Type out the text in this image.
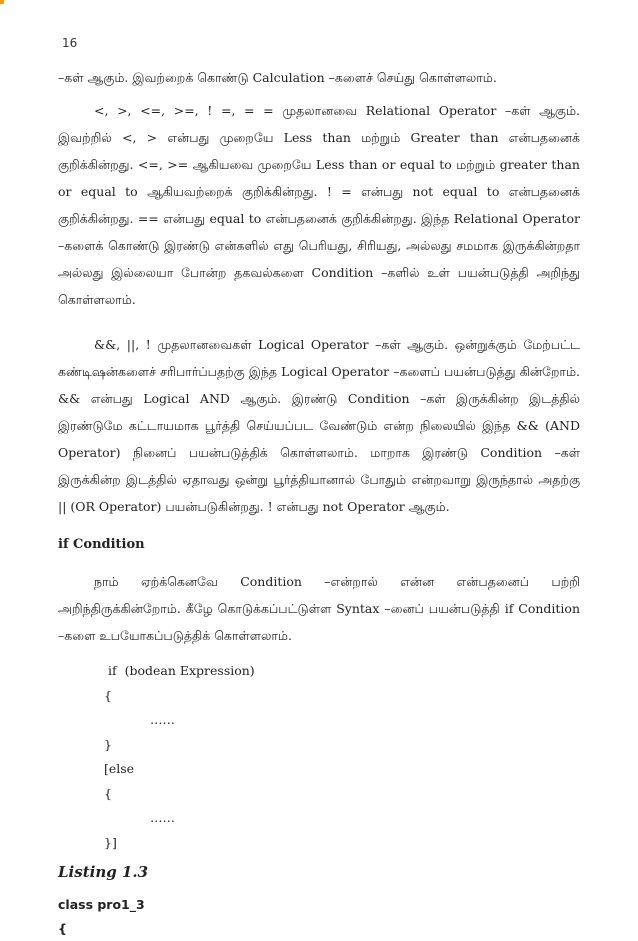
16

–கள் ஆகும். இவற்றைக் கொண்டு Calculation –களைச் செய்து கொள்ளலாம்.

<, >, <=, >=, ! =, = = முதலானவை Relational Operator –கள் ஆகும். இவற்றில் <, > என்பது முறையே Less than மற்றும் Greater than என்பதனைக் குறிக்கின்றது. <=, >= ஆகியவை முறையே Less than or equal to மற்றும் greater than or equal to ஆகியவற்றைக் குறிக்கின்றது. ! = என்பது not equal to என்பதனைக் குறிக்கின்றது. == என்பது equal to என்பதனைக் குறிக்கின்றது. இந்த Relational Operator –களைக் கொண்டு இரண்டு என்களில் எது பெரியது, சிரியது, அல்லது சமமாக இருக்கின்றதா அல்லது இல்லையா போன்ற தகவல்களை Condition –களில் உள் பயன்படுத்தி அறிந்து கொள்ளலாம்.

&&, ||, ! முதலானவைகள் Logical Operator –கள் ஆகும். ஒன்றுக்கும் மேற்பட்ட கண்டிஷன்களைச் சரிபார்ப்பதற்கு இந்த Logical Operator –களைப் பயன்படுத்து கின்றோம். && என்பது Logical AND ஆகும். இரண்டு Condition –கள் இருக்கின்ற இடத்தில் இரண்டுமே கட்டாயமாக பூர்த்தி செய்யப்பட வேண்டும் என்ற நிலையில் இந்த && (AND Operator) நினைப் பயன்படுத்திக் கொள்ளலாம். மாறாக இரண்டு Condition –கள் இருக்கின்ற இடத்தில் ஏதாவது ஒன்று பூர்த்தியானால் போதும் என்றவாறு இருந்தால் அதற்கு || (OR Operator) பயன்படுகின்றது. ! என்பது not Operator ஆகும்.

if Condition

நாம் ஏற்க்கெனவே Condition –என்றால் என்ன என்பதனைப் பற்றி அறிந்திருக்கின்றோம். கீழே கொடுக்கப்பட்டுள்ள Syntax –னைப் பயன்படுத்தி if Condition –களை உபயோகப்படுத்திக் கொள்ளலாம்.

if  (bodean Expression)
{
……
}
[else
{
……
}]
Listing 1.3
class pro1_3
{
